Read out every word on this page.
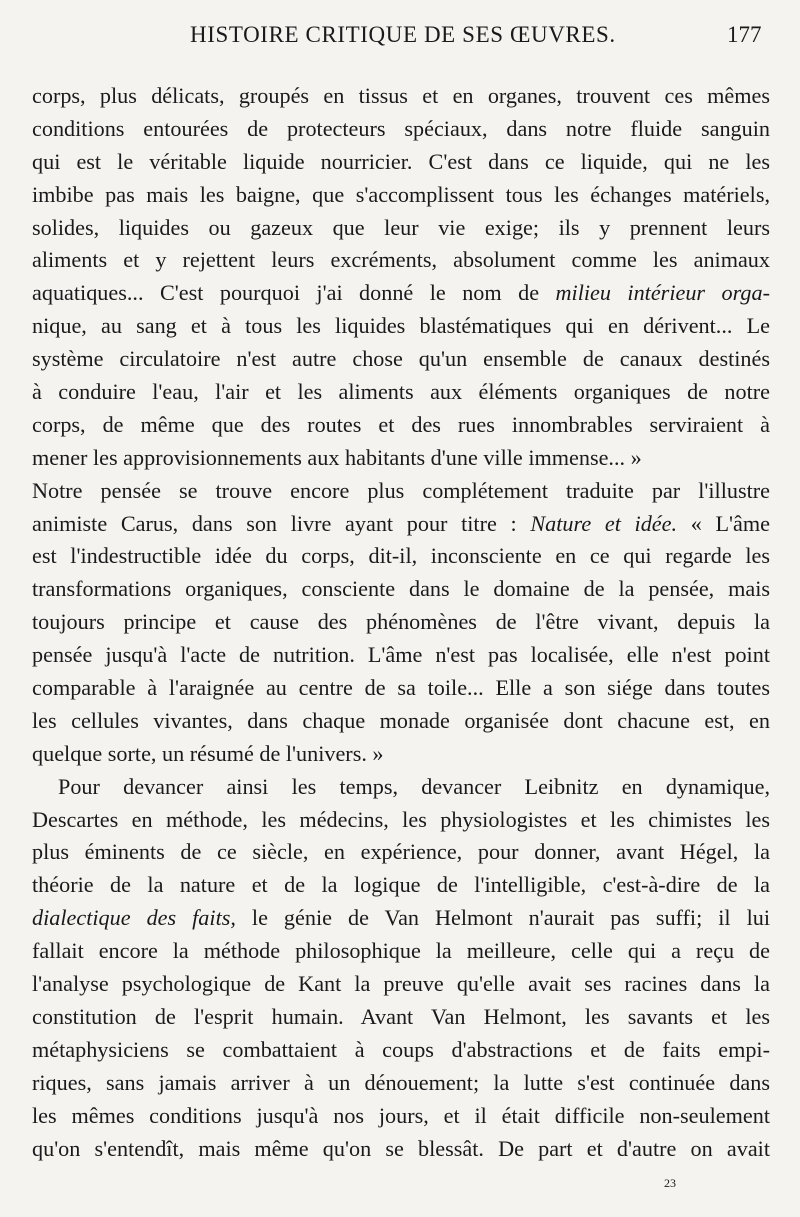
HISTOIRE CRITIQUE DE SES ŒUVRES.	177
corps, plus délicats, groupés en tissus et en organes, trouvent ces mêmes
conditions entourées de protecteurs spéciaux, dans notre fluide sanguin
qui est le véritable liquide nourricier. C'est dans ce liquide, qui ne les
imbibe pas mais les baigne, que s'accomplissent tous les échanges matériels,
solides, liquides ou gazeux que leur vie exige; ils y prennent leurs
aliments et y rejettent leurs excréments, absolument comme les animaux
aquatiques... C'est pourquoi j'ai donné le nom de milieu intérieur orga-
nique, au sang et à tous les liquides blastématiques qui en dérivent... Le
système circulatoire n'est autre chose qu'un ensemble de canaux destinés
à conduire l'eau, l'air et les aliments aux éléments organiques de notre
corps, de même que des routes et des rues innombrables serviraient à
mener les approvisionnements aux habitants d'une ville immense... »
Notre pensée se trouve encore plus complétement traduite par l'illustre
animiste Carus, dans son livre ayant pour titre : Nature et idée. « L'âme
est l'indestructible idée du corps, dit-il, inconsciente en ce qui regarde les
transformations organiques, consciente dans le domaine de la pensée, mais
toujours principe et cause des phénomènes de l'être vivant, depuis la
pensée jusqu'à l'acte de nutrition. L'âme n'est pas localisée, elle n'est point
comparable à l'araignée au centre de sa toile... Elle a son siége dans toutes
les cellules vivantes, dans chaque monade organisée dont chacune est, en
quelque sorte, un résumé de l'univers. »
Pour devancer ainsi les temps, devancer Leibnitz en dynamique,
Descartes en méthode, les médecins, les physiologistes et les chimistes les
plus éminents de ce siècle, en expérience, pour donner, avant Hégel, la
théorie de la nature et de la logique de l'intelligible, c'est-à-dire de la
dialectique des faits, le génie de Van Helmont n'aurait pas suffi; il lui
fallait encore la méthode philosophique la meilleure, celle qui a reçu de
l'analyse psychologique de Kant la preuve qu'elle avait ses racines dans la
constitution de l'esprit humain. Avant Van Helmont, les savants et les
métaphysiciens se combattaient à coups d'abstractions et de faits empi-
riques, sans jamais arriver à un dénouement; la lutte s'est continuée dans
les mêmes conditions jusqu'à nos jours, et il était difficile non-seulement
qu'on s'entendît, mais même qu'on se blessât. De part et d'autre on avait
23
